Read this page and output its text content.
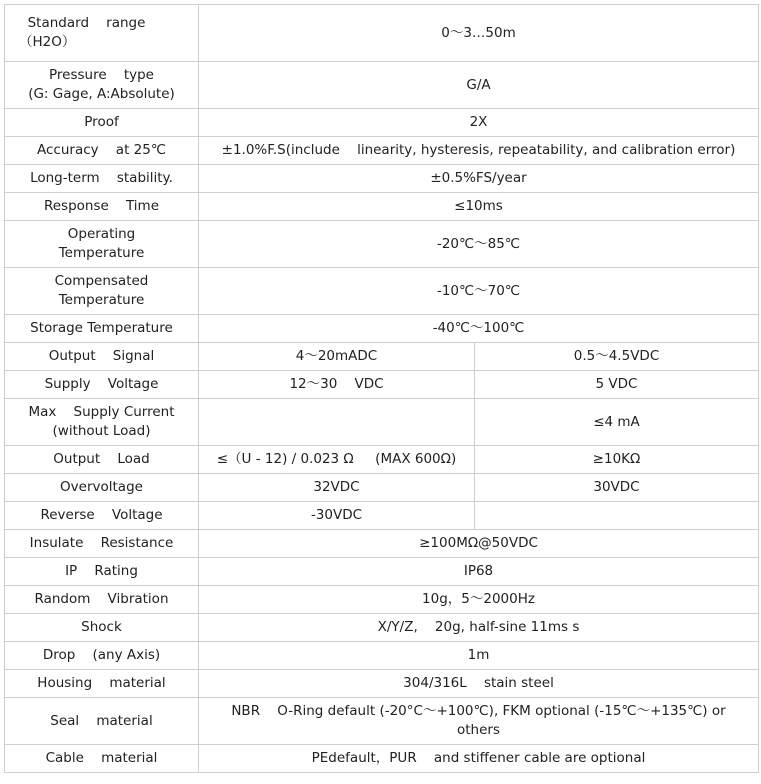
Standard    range
（H2O）	0～3…50m	
Pressure    type
(G: Gage, A:Absolute)	G/A	
Proof	2X	
Accuracy    at 25℃	±1.0%F.S(include    linearity, hysteresis, repeatability, and calibration error)	
Long-term    stability.	±0.5%FS/year	
Response    Time	≤10ms	
Operating
Temperature	-20℃～85℃	
Compensated
Temperature	-10℃～70℃	
Storage Temperature	-40℃～100℃	
Output    Signal	4～20mADC	0.5～4.5VDC
Supply    Voltage	12～30    VDC	5 VDC
Max    Supply Current
(without Load)		≤4 mA
Output    Load	≤（U - 12) / 0.023 Ω     (MAX 600Ω)	≥10KΩ
Overvoltage	32VDC	30VDC
Reverse    Voltage	-30VDC	
Insulate    Resistance	≥100MΩ@50VDC	
IP    Rating	IP68	
Random    Vibration	10g，5～2000Hz	
Shock	X/Y/Z,    20g, half-sine 11ms s	
Drop    (any Axis)	1m	
Housing    material	304/316L    stain steel	
Seal    material	NBR    O-Ring default (-20°C～+100℃), FKM optional (-15℃～+135℃) or
others	
Cable    material	PEdefault，PUR    and stiffener cable are optional	
